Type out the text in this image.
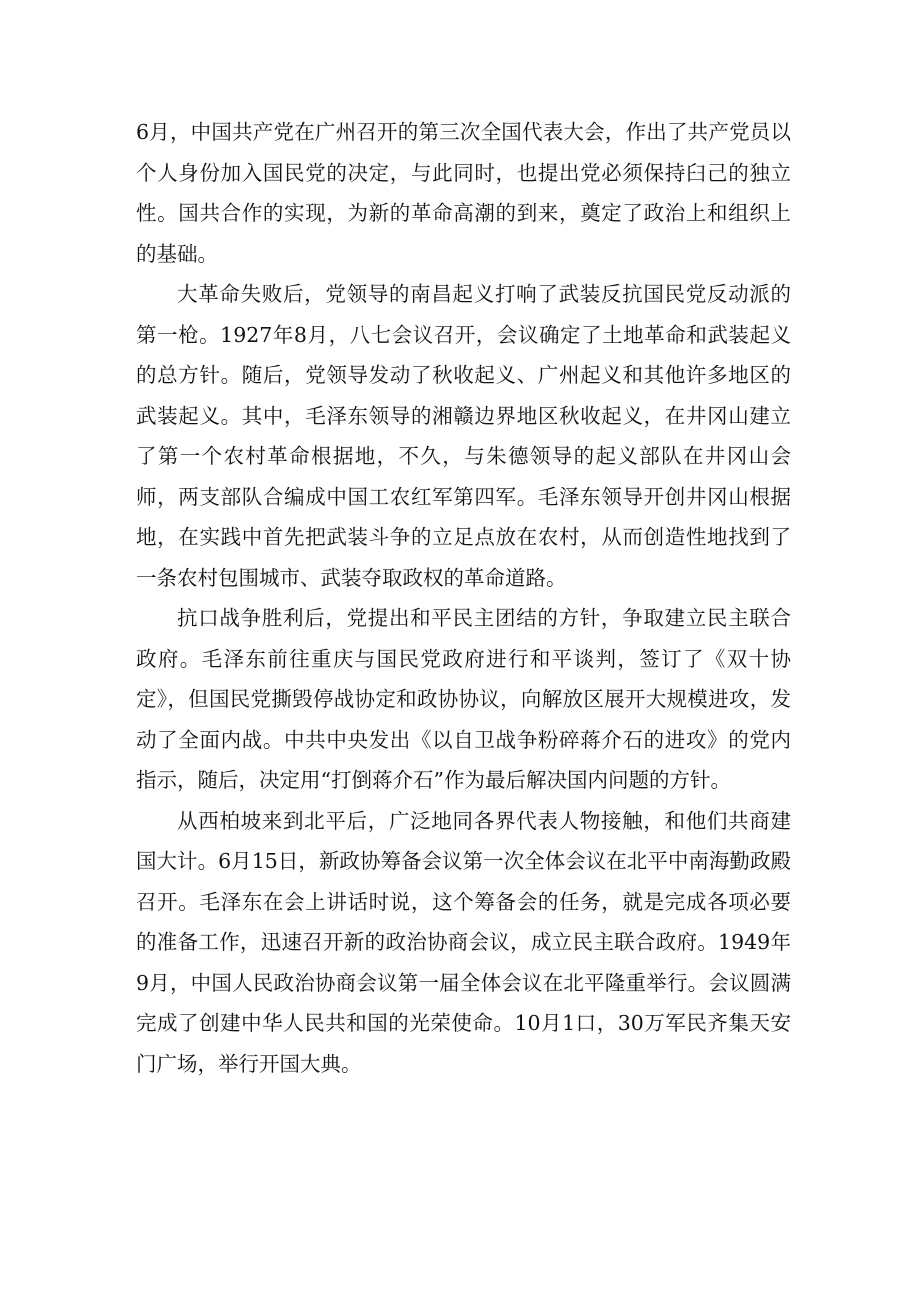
6月，中国共产党在广州召开的第三次全国代表大会，作出了共产党员以个人身份加入国民党的决定，与此同时，也提出党必须保持臼己的独立性。国共合作的实现，为新的革命高潮的到来，奠定了政治上和组织上的基础。

大革命失败后，党领导的南昌起义打响了武装反抗国民党反动派的第一枪。1927年8月，八七会议召开，会议确定了土地革命和武装起义的总方针。随后，党领导发动了秋收起义、广州起义和其他许多地区的武装起义。其中，毛泽东领导的湘赣边界地区秋收起义，在井冈山建立了第一个农村革命根据地，不久，与朱德领导的起义部队在井冈山会师，两支部队合编成中国工农红军第四军。毛泽东领导开创井冈山根据地，在实践中首先把武装斗争的立足点放在农村，从而创造性地找到了一条农村包围城市、武装夺取政权的革命道路。

抗口战争胜利后，党提出和平民主团结的方针，争取建立民主联合政府。毛泽东前往重庆与国民党政府进行和平谈判，签订了《双十协定》，但国民党撕毁停战协定和政协协议，向解放区展开大规模进攻，发动了全面内战。中共中央发出《以自卫战争粉碎蒋介石的进攻》的党内指示，随后，决定用“打倒蒋介石”作为最后解决国内问题的方针。

从西柏坡来到北平后，广泛地同各界代表人物接触，和他们共商建国大计。6月15日，新政协筹备会议第一次全体会议在北平中南海勤政殿召开。毛泽东在会上讲话时说，这个筹备会的任务，就是完成各项必要的准备工作，迅速召开新的政治协商会议，成立民主联合政府。1949年9月，中国人民政治协商会议第一届全体会议在北平隆重举行。会议圆满完成了创建中华人民共和国的光荣使命。10月1口，30万军民齐集天安门广场，举行开国大典。
